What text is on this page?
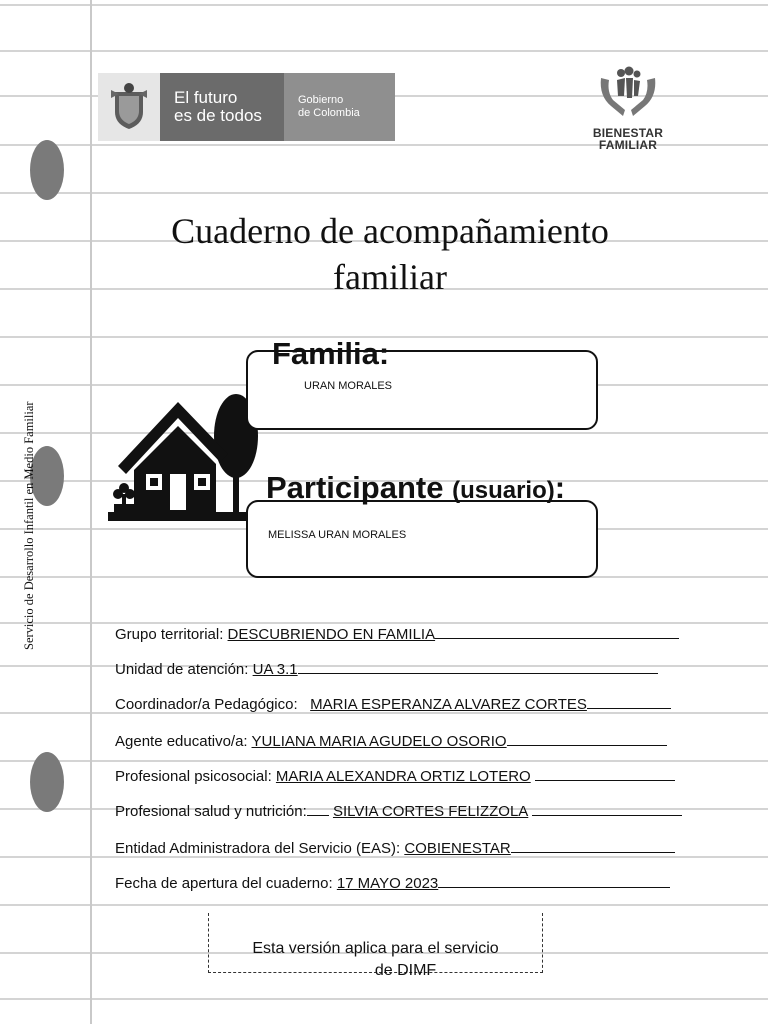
Servicio de Desarrollo Infantil en Medio Familiar
El futuro
es de todos
Gobierno
de Colombia
BIENESTAR
FAMILIAR
Cuaderno de acompañamiento
familiar
URAN MORALES
Familia:
MELISSA URAN MORALES
Participante (usuario):
Grupo territorial: DESCUBRIENDO EN FAMILIA
Unidad de atención: UA 3.1
Coordinador/a Pedagógico: MARIA ESPERANZA ALVAREZ CORTES
Agente educativo/a: YULIANA MARIA AGUDELO OSORIO
Profesional psicosocial: MARIA ALEXANDRA ORTIZ LOTERO
Profesional salud y nutrición: SILVIA CORTES FELIZZOLA
Entidad Administradora del Servicio (EAS): COBIENESTAR
Fecha de apertura del cuaderno: 17 MAYO 2023
Esta versión aplica para el servicio
de DIMF
